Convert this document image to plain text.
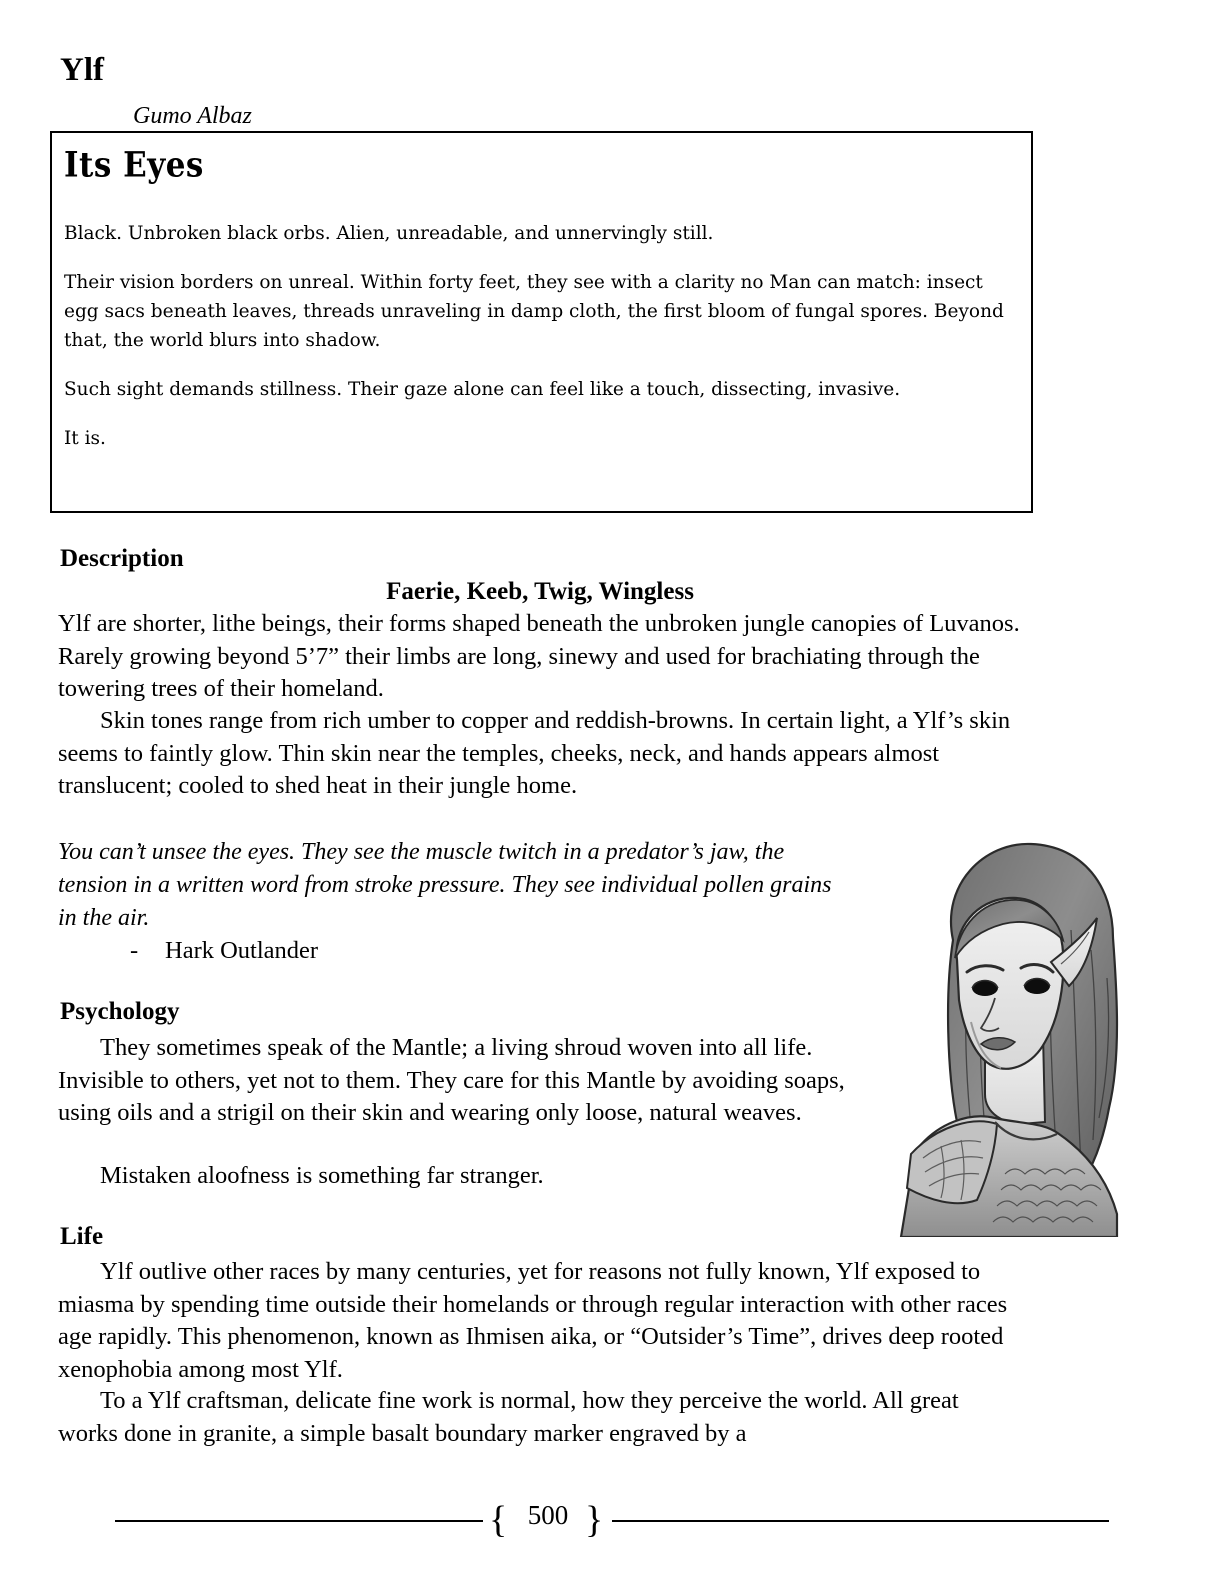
Ylf
Gumo Albaz
Its Eyes

Black. Unbroken black orbs. Alien, unreadable, and unnervingly still.

Their vision borders on unreal. Within forty feet, they see with a clarity no Man can match: insect egg sacs beneath leaves, threads unraveling in damp cloth, the first bloom of fungal spores. Beyond that, the world blurs into shadow.

Such sight demands stillness. Their gaze alone can feel like a touch, dissecting, invasive.

It is.

Description
Faerie, Keeb, Twig, Wingless
Ylf are shorter, lithe beings, their forms shaped beneath the unbroken jungle canopies of Luvanos. Rarely growing beyond 5’7” their limbs are long, sinewy and used for brachiating through the towering trees of their homeland.
Skin tones range from rich umber to copper and reddish-browns. In certain light, a Ylf’s skin seems to faintly glow. Thin skin near the temples, cheeks, neck, and hands appears almost translucent; cooled to shed heat in their jungle home.
You can’t unsee the eyes. They see the muscle twitch in a predator’s jaw, the tension in a written word from stroke pressure. They see individual pollen grains in the air.
- Hark Outlander
Psychology
They sometimes speak of the Mantle; a living shroud woven into all life. Invisible to others, yet not to them. They care for this Mantle by avoiding soaps, using oils and a strigil on their skin and wearing only loose, natural weaves.
Mistaken aloofness is something far stranger.
Life
Ylf outlive other races by many centuries, yet for reasons not fully known, Ylf exposed to miasma by spending time outside their homelands or through regular interaction with other races age rapidly. This phenomenon, known as Ihmisen aika, or “Outsider’s Time”, drives deep rooted xenophobia among most Ylf.
To a Ylf craftsman, delicate fine work is normal, how they perceive the world. All great works done in granite, a simple basalt boundary marker engraved by a
{ }
500
